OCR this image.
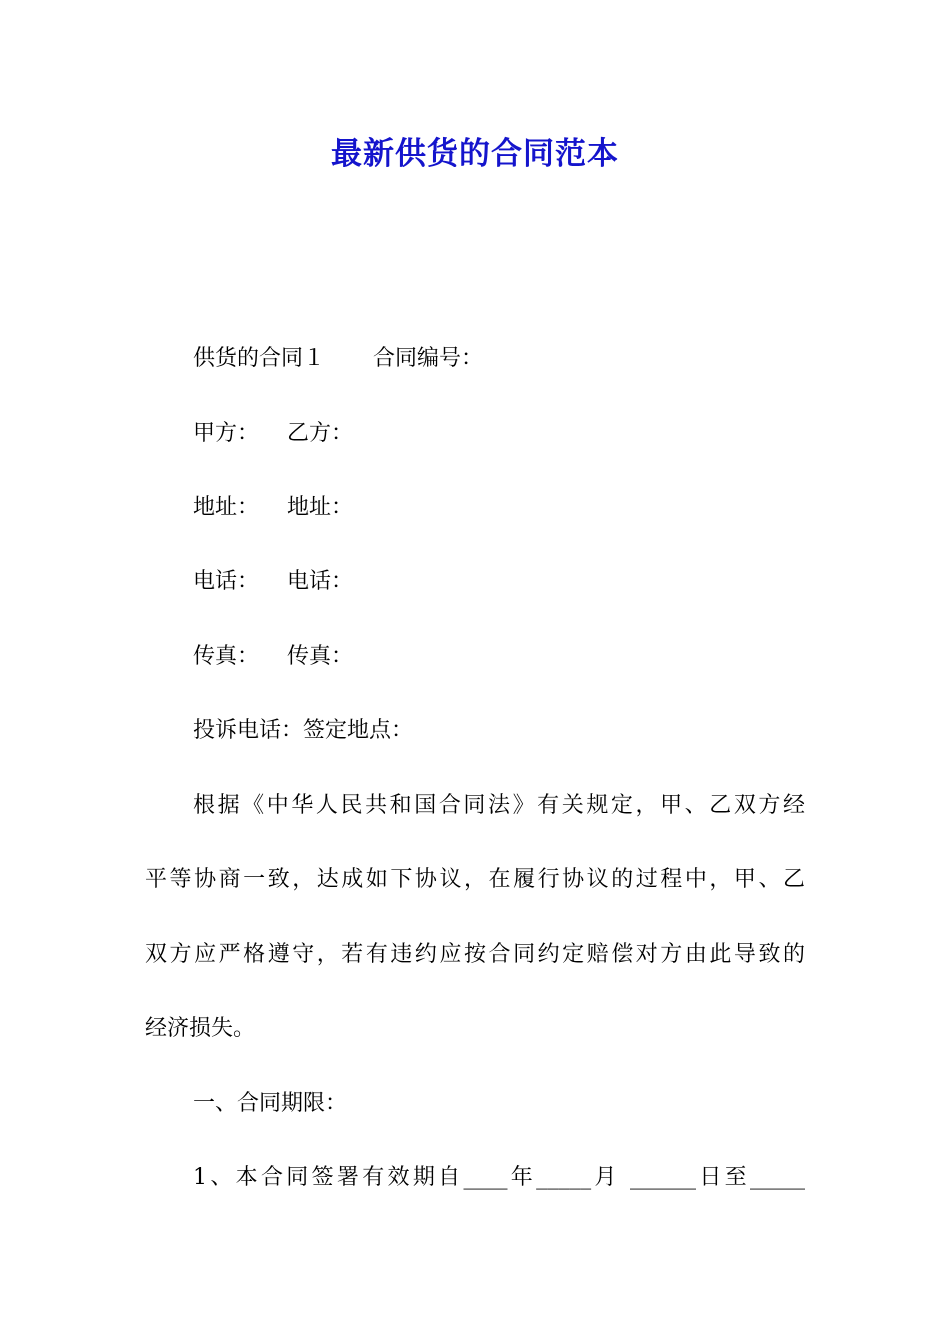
最新供货的合同范本
供货的合同１ 合同编号：
甲方： 乙方：
地址： 地址：
电话： 电话：
传真： 传真：
投诉电话：签定地点：
根据《中华人民共和国合同法》有关规定，甲、乙双方经
平等协商一致，达成如下协议，在履行协议的过程中，甲、乙
双方应严格遵守，若有违约应按合同约定赔偿对方由此导致的
经济损失。
一、合同期限：
1、本合同签署有效期自____年_____月 ______日至_____
